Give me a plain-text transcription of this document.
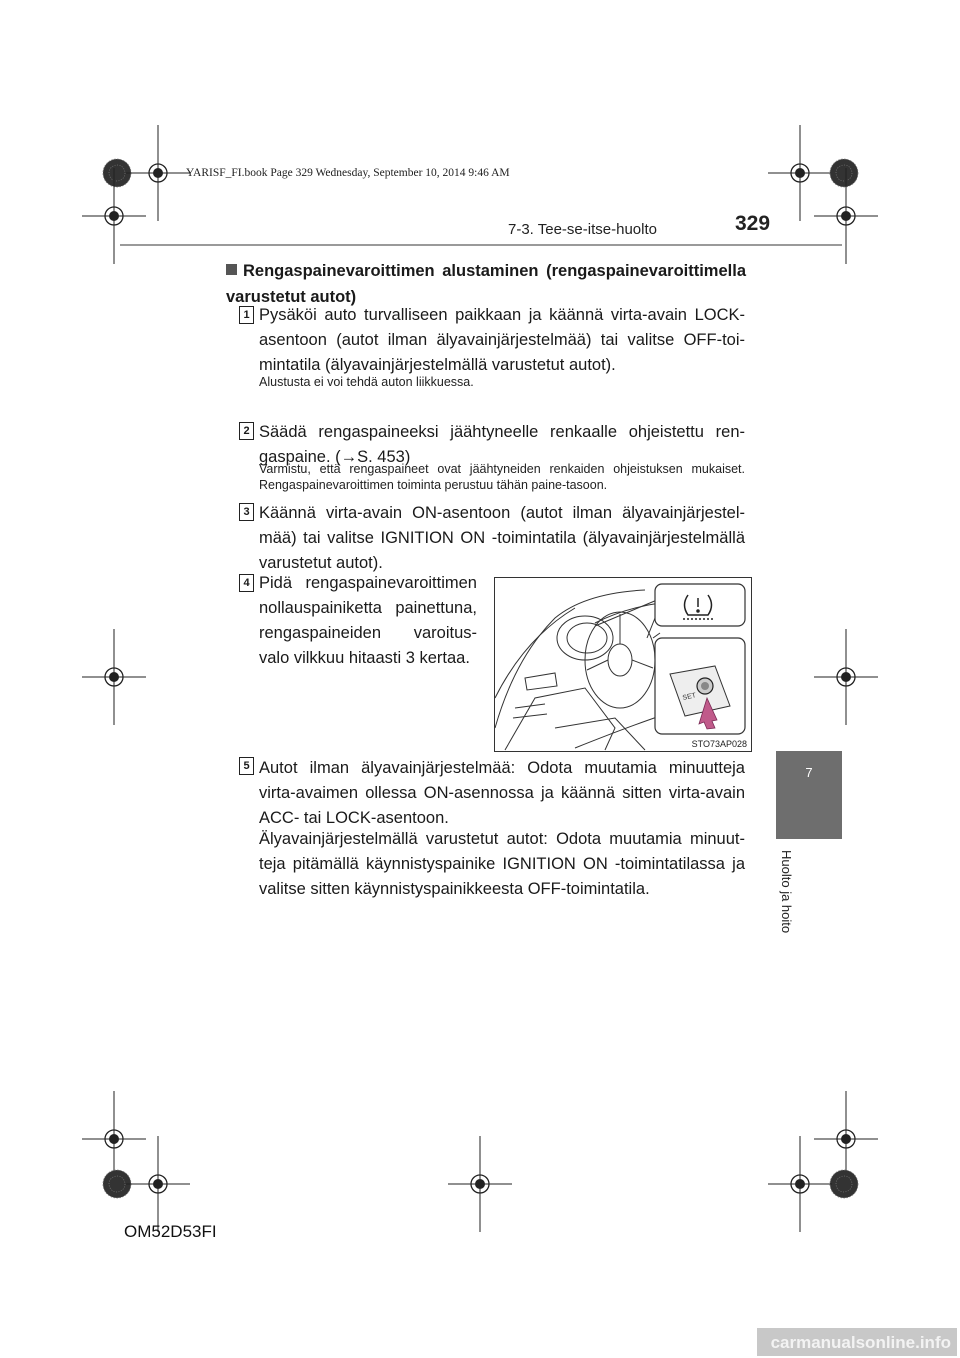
YARISF_FI.book Page 329 Wednesday, September 10, 2014 9:46 AM
7-3. Tee-se-itse-huolto	329
7
Huolto ja hoito
Rengaspainevaroittimen alustaminen (rengaspainevaroittimella varustetut autot)
1 Pysäköi auto turvalliseen paikkaan ja käännä virta-avain LOCK-asentoon (autot ilman älyavainjärjestelmää) tai valitse OFF-toi-mintatila (älyavainjärjestelmällä varustetut autot).
Alustusta ei voi tehdä auton liikkuessa.
2 Säädä rengaspaineeksi jäähtyneelle renkaalle ohjeistettu ren-gaspaine. (→S. 453)
Varmistu, että rengaspaineet ovat jäähtyneiden renkaiden ohjeistuksen mukaiset. Rengaspainevaroittimen toiminta perustuu tähän paine-tasoon.
3 Käännä virta-avain ON-asentoon (autot ilman älyavainjärjestel-mää) tai valitse IGNITION ON -toimintatila (älyavainjärjestelmällä varustetut autot).
4 Pidä rengaspainevaroittimen nollauspainiketta painettuna, rengaspaineiden varoitus-valo vilkkuu hitaasti 3 kertaa.
SET
STO73AP028
5 Autot ilman älyavainjärjestelmää: Odota muutamia minuutteja virta-avaimen ollessa ON-asennossa ja käännä sitten virta-avain ACC- tai LOCK-asentoon.
Älyavainjärjestelmällä varustetut autot: Odota muutamia minuut-teja pitämällä käynnistyspainike IGNITION ON -toimintatilassa ja valitse sitten käynnistyspainikkeesta OFF-toimintatila.
OM52D53FI
carmanualsonline.info
